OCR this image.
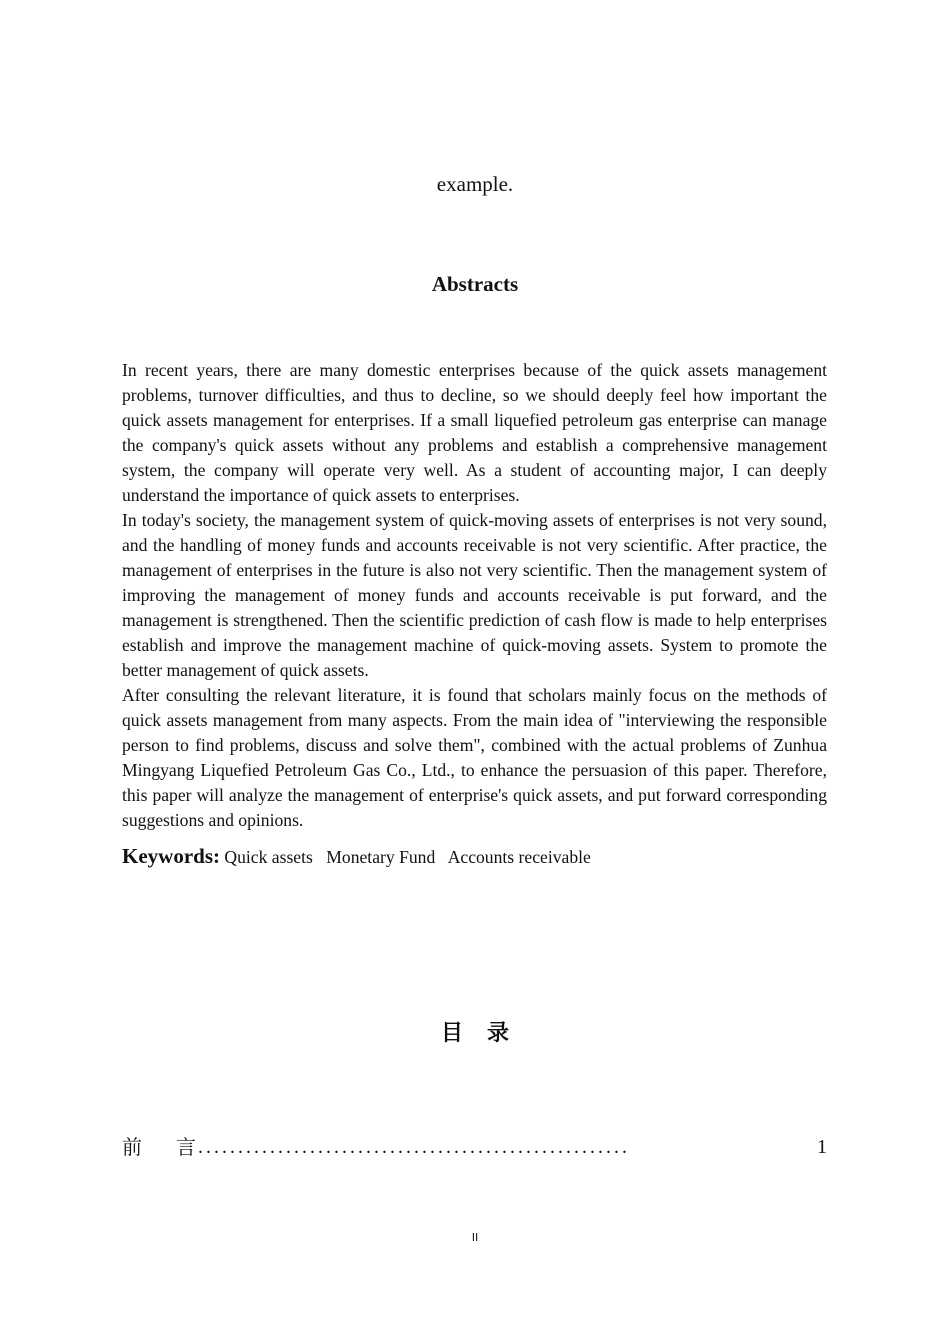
example.
Abstracts

In recent years, there are many domestic enterprises because of the quick assets management problems, turnover difficulties, and thus to decline, so we should deeply feel how important the quick assets management for enterprises. If a small liquefied petroleum gas enterprise can manage the company's quick assets without any problems and establish a comprehensive management system, the company will operate very well. As a student of accounting major, I can deeply understand the importance of quick assets to enterprises.

In today's society, the management system of quick-moving assets of enterprises is not very sound, and the handling of money funds and accounts receivable is not very scientific. After practice, the management of enterprises in the future is also not very scientific. Then the management system of improving the management of money funds and accounts receivable is put forward, and the management is strengthened. Then the scientific prediction of cash flow is made to help enterprises establish and improve the management machine of quick-moving assets. System to promote the better management of quick assets.

After consulting the relevant literature, it is found that scholars mainly focus on the methods of quick assets management from many aspects. From the main idea of "interviewing the responsible person to find problems, discuss and solve them", combined with the actual problems of Zunhua Mingyang Liquefied Petroleum Gas Co., Ltd., to enhance the persuasion of this paper. Therefore, this paper will analyze the management of enterprise's quick assets, and put forward corresponding suggestions and opinions.

Keywords: Quick assets Monetary Fund Accounts receivable
目录
前言
......................................................	1
II
